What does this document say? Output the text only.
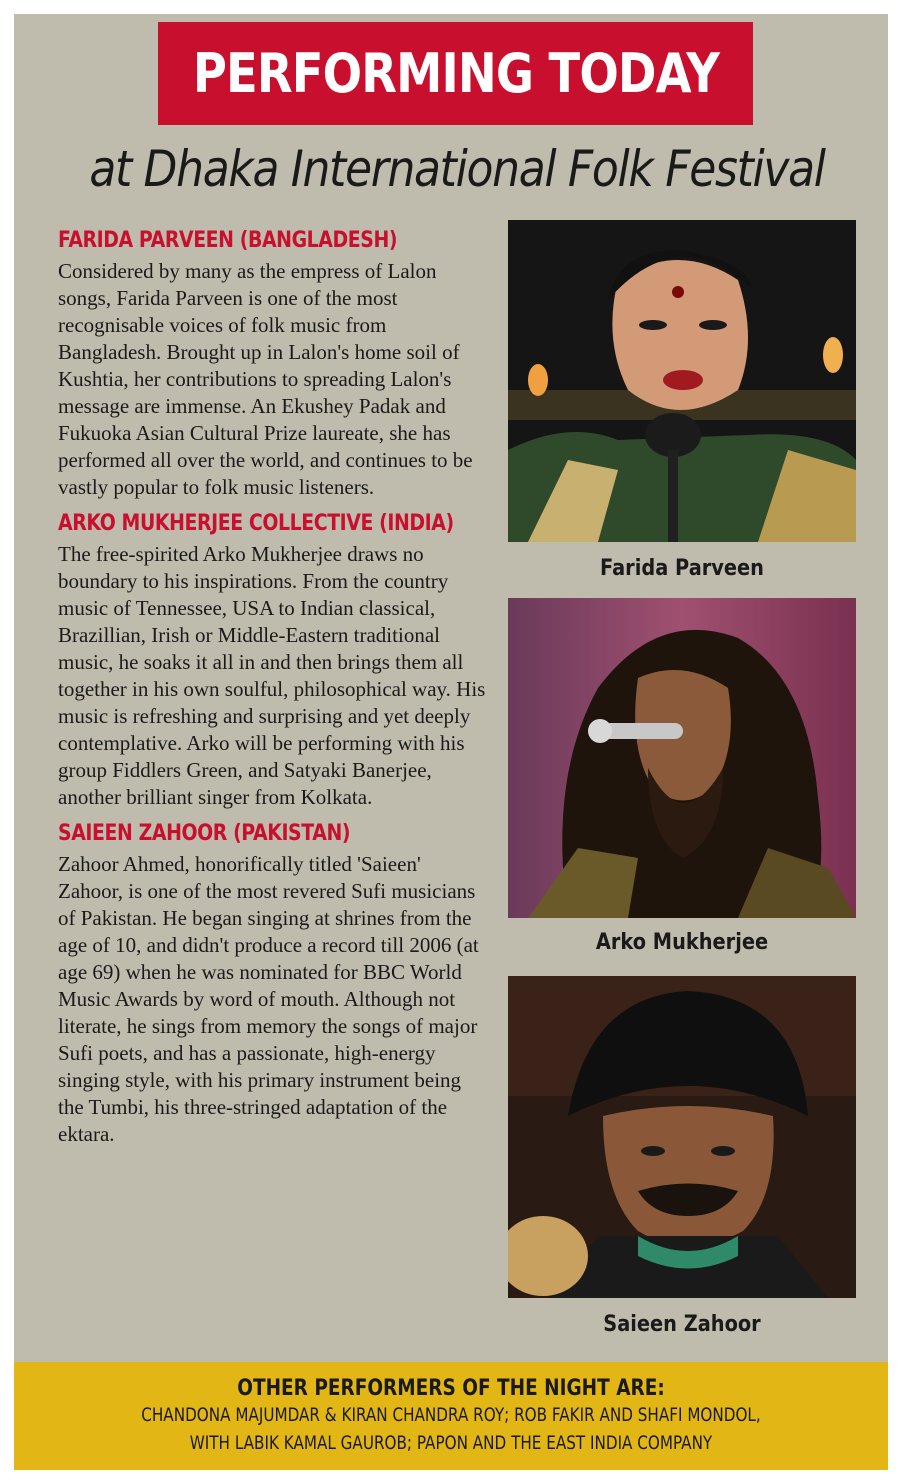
PERFORMING TODAY
at Dhaka International Folk Festival
FARIDA PARVEEN (BANGLADESH)

Considered by many as the empress of Lalon songs, Farida Parveen is one of the most recognisable voices of folk music from Bangladesh. Brought up in Lalon's home soil of Kushtia, her contributions to spreading Lalon's message are immense. An Ekushey Padak and Fukuoka Asian Cultural Prize laureate, she has performed all over the world, and continues to be vastly popular to folk music listeners.

ARKO MUKHERJEE COLLECTIVE (INDIA)

The free-spirited Arko Mukherjee draws no boundary to his inspirations. From the country music of Tennessee, USA to Indian classical, Brazillian, Irish or Middle-Eastern traditional music, he soaks it all in and then brings them all together in his own soulful, philosophical way. His music is refreshing and surprising and yet deeply contemplative. Arko will be performing with his group Fiddlers Green, and Satyaki Banerjee, another brilliant singer from Kolkata.

SAIEEN ZAHOOR (PAKISTAN)

Zahoor Ahmed, honorifically titled 'Saieen' Zahoor, is one of the most revered Sufi musicians of Pakistan. He began singing at shrines from the age of 10, and didn't produce a record till 2006 (at age 69) when he was nominated for BBC World Music Awards by word of mouth. Although not literate, he sings from memory the songs of major Sufi poets, and has a passionate, high-energy singing style, with his primary instrument being the Tumbi, his three-stringed adaptation of the ektara.

Farida Parveen
Arko Mukherjee
Saieen Zahoor
OTHER PERFORMERS OF THE NIGHT ARE:
CHANDONA MAJUMDAR & KIRAN CHANDRA ROY; ROB FAKIR AND SHAFI MONDOL,
WITH LABIK KAMAL GAUROB; PAPON AND THE EAST INDIA COMPANY
